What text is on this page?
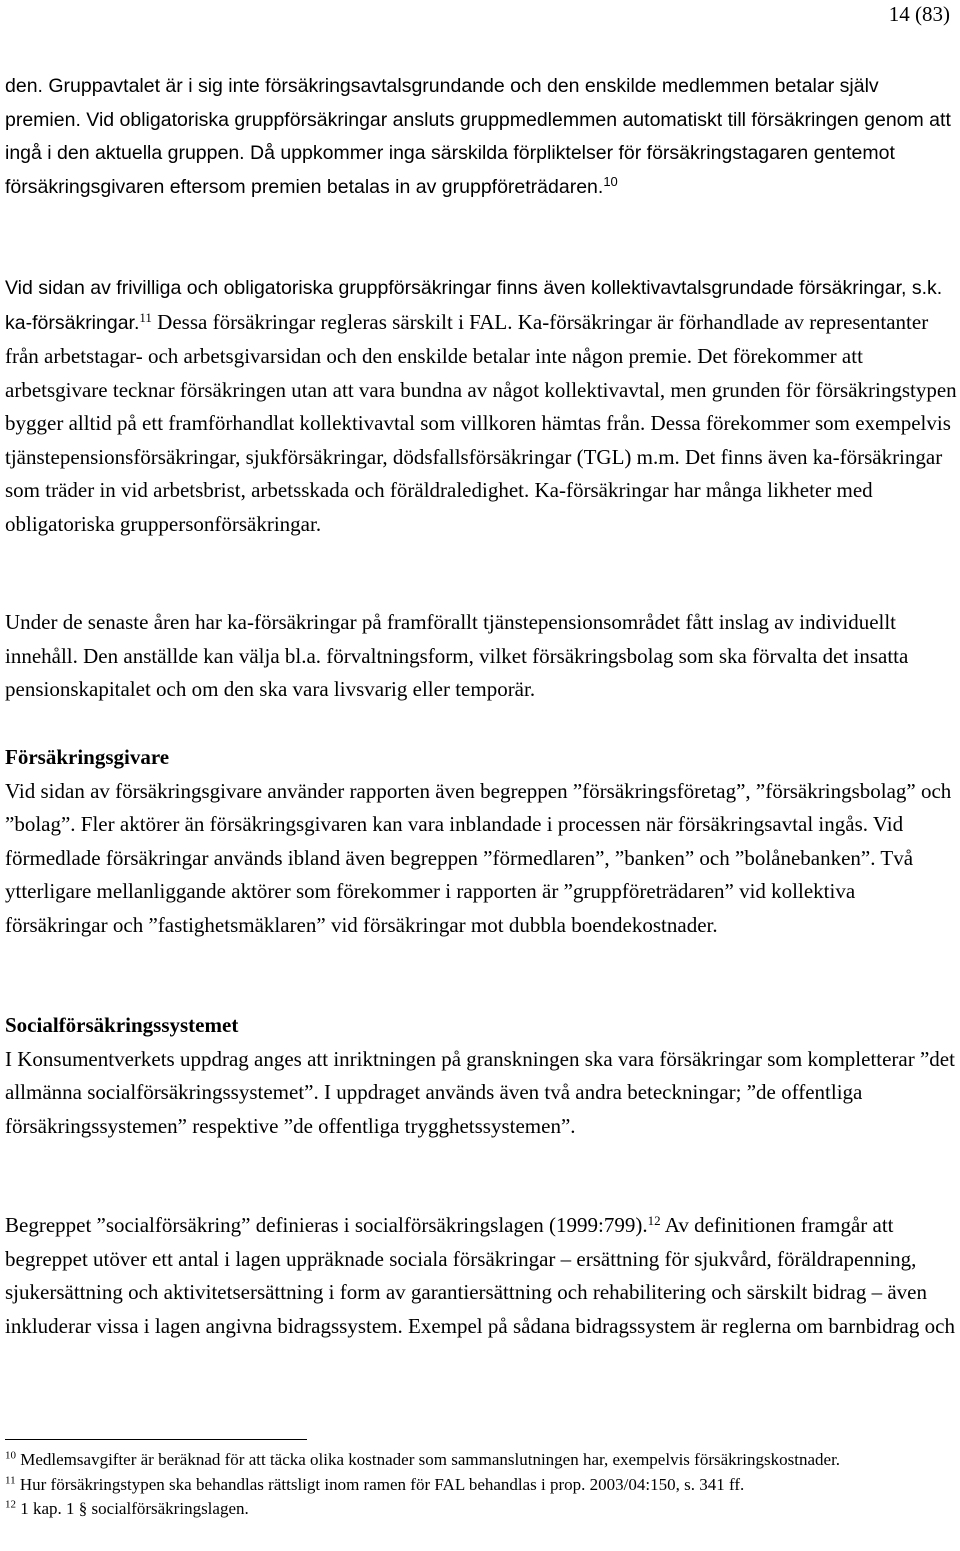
14 (83)
den. Gruppavtalet är i sig inte försäkringsavtalsgrundande och den enskilde medlemmen betalar själv premien. Vid obligatoriska gruppförsäkringar ansluts gruppmedlemmen automatiskt till försäkringen genom att ingå i den aktuella gruppen. Då uppkommer inga särskilda förpliktelser för försäkringstagaren gentemot försäkringsgivaren eftersom premien betalas in av gruppföreträdaren.$^{10}$
Vid sidan av frivilliga och obligatoriska gruppförsäkringar finns även kollektivavtalsgrundade försäkringar, s.k. ka-försäkringar.$^{11}$ Dessa försäkringar regleras särskilt i FAL. Ka-försäkringar är förhandlade av representanter från arbetstagar- och arbetsgivarsidan och den enskilde betalar inte någon premie. Det förekommer att arbetsgivare tecknar försäkringen utan att vara bundna av något kollektivavtal, men grunden för försäkringstypen bygger alltid på ett framförhandlat kollektivavtal som villkoren hämtas från. Dessa förekommer som exempelvis tjänstepensionsförsäkringar, sjukförsäkringar, dödsfallsförsäkringar (TGL) m.m. Det finns även ka-försäkringar som träder in vid arbetsbrist, arbetsskada och föräldraledighet. Ka-försäkringar har många likheter med obligatoriska gruppersonförsäkringar.
Under de senaste åren har ka-försäkringar på framförallt tjänstepensionsområdet fått inslag av individuellt innehåll. Den anställde kan välja bl.a. förvaltningsform, vilket försäkringsbolag som ska förvalta det insatta pensionskapitalet och om den ska vara livsvarig eller temporär.
Försäkringsgivare
Vid sidan av försäkringsgivare använder rapporten även begreppen ”försäkringsföretag”, ”försäkringsbolag” och ”bolag”. Fler aktörer än försäkringsgivaren kan vara inblandade i processen när försäkringsavtal ingås. Vid förmedlade försäkringar används ibland även begreppen ”förmedlaren”, ”banken” och ”bolånebanken”. Två ytterligare mellanliggande aktörer som förekommer i rapporten är ”gruppföreträdaren” vid kollektiva försäkringar och ”fastighetsmäklaren” vid försäkringar mot dubbla boendekostnader.
Socialförsäkringssystemet
I Konsumentverkets uppdrag anges att inriktningen på granskningen ska vara försäkringar som kompletterar ”det allmänna socialförsäkringssystemet”. I uppdraget används även två andra beteckningar; ”de offentliga försäkringssystemen” respektive ”de offentliga trygghetssystemen”.
Begreppet ”socialförsäkring” definieras i socialförsäkringslagen (1999:799).$^{12}$ Av definitionen framgår att begreppet utöver ett antal i lagen uppräknade sociala försäkringar – ersättning för sjukvård, föräldrapenning, sjukersättning och aktivitetsersättning i form av garantiersättning och rehabilitering och särskilt bidrag – även inkluderar vissa i lagen angivna bidragssystem. Exempel på sådana bidragssystem är reglerna om barnbidrag och
$^{10}$ Medlemsavgifter är beräknad för att täcka olika kostnader som sammanslutningen har, exempelvis försäkringskostnader.
$^{11}$ Hur försäkringstypen ska behandlas rättsligt inom ramen för FAL behandlas i prop. 2003/04:150, s. 341 ff.
$^{12}$ 1 kap. 1 § socialförsäkringslagen.
